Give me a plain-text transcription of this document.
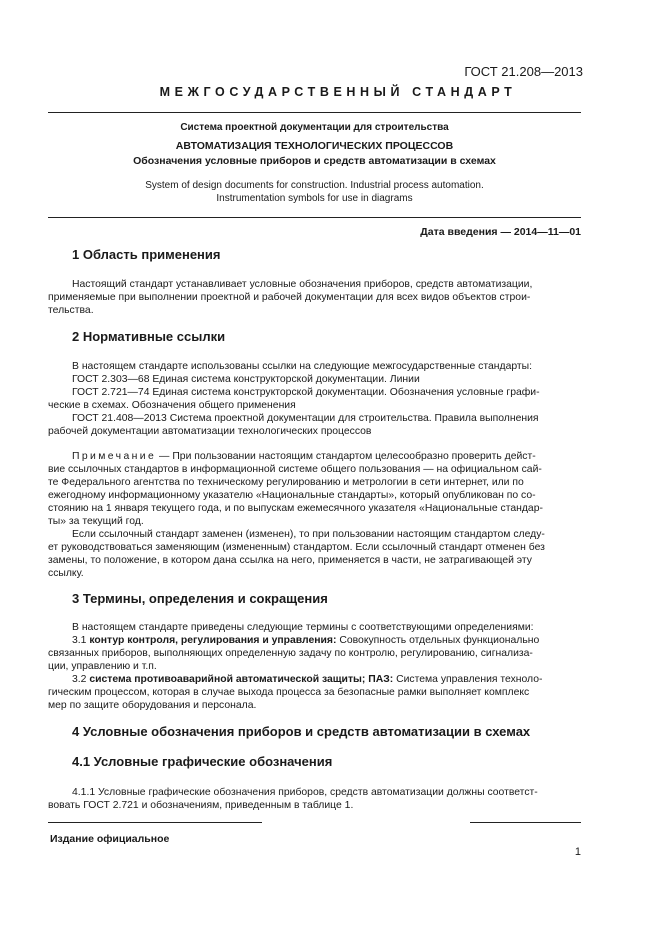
ГОСТ 21.208—2013
МЕЖГОСУДАРСТВЕННЫЙ СТАНДАРТ
Система проектной документации для строительства
АВТОМАТИЗАЦИЯ ТЕХНОЛОГИЧЕСКИХ ПРОЦЕССОВ
Обозначения условные приборов и средств автоматизации в схемах
System of design documents for construction. Industrial process automation.
Instrumentation symbols for use in diagrams
Дата введения — 2014—11—01
1 Область применения

Настоящий стандарт устанавливает условные обозначения приборов, средств автоматизации,

применяемые при выполнении проектной и рабочей документации для всех видов объектов строи-

тельства.

2 Нормативные ссылки

В настоящем стандарте использованы ссылки на следующие межгосударственные стандарты:

ГОСТ 2.303—68 Единая система конструкторской документации. Линии

ГОСТ 2.721—74 Единая система конструкторской документации. Обозначения условные графи-

ческие в схемах. Обозначения общего применения

ГОСТ 21.408—2013 Система проектной документации для строительства. Правила выполнения

рабочей документации автоматизации технологических процессов

Примечание — При пользовании настоящим стандартом целесообразно проверить дейст-

вие ссылочных стандартов в информационной системе общего пользования — на официальном сай-

те Федерального агентства по техническому регулированию и метрологии в сети интернет, или по

ежегодному информационному указателю «Национальные стандарты», который опубликован по со-

стоянию на 1 января текущего года, и по выпускам ежемесячного указателя «Национальные стандар-

ты» за текущий год.

Если ссылочный стандарт заменен (изменен), то при пользовании настоящим стандартом следу-

ет руководствоваться заменяющим (измененным) стандартом. Если ссылочный стандарт отменен без

замены, то положение, в котором дана ссылка на него, применяется в части, не затрагивающей эту

ссылку.

3 Термины, определения и сокращения

В настоящем стандарте приведены следующие термины с соответствующими определениями:

3.1 контур контроля, регулирования и управления: Совокупность отдельных функционально

связанных приборов, выполняющих определенную задачу по контролю, регулированию, сигнализа-

ции, управлению и т.п.

3.2 система противоаварийной автоматической защиты; ПАЗ: Система управления техноло-

гическим процессом, которая в случае выхода процесса за безопасные рамки выполняет комплекс

мер по защите оборудования и персонала.

4 Условные обозначения приборов и средств автоматизации в схемах
4.1 Условные графические обозначения

4.1.1 Условные графические обозначения приборов, средств автоматизации должны соответст-

вовать ГОСТ 2.721 и обозначениям, приведенным в таблице 1.

Издание официальное
1
